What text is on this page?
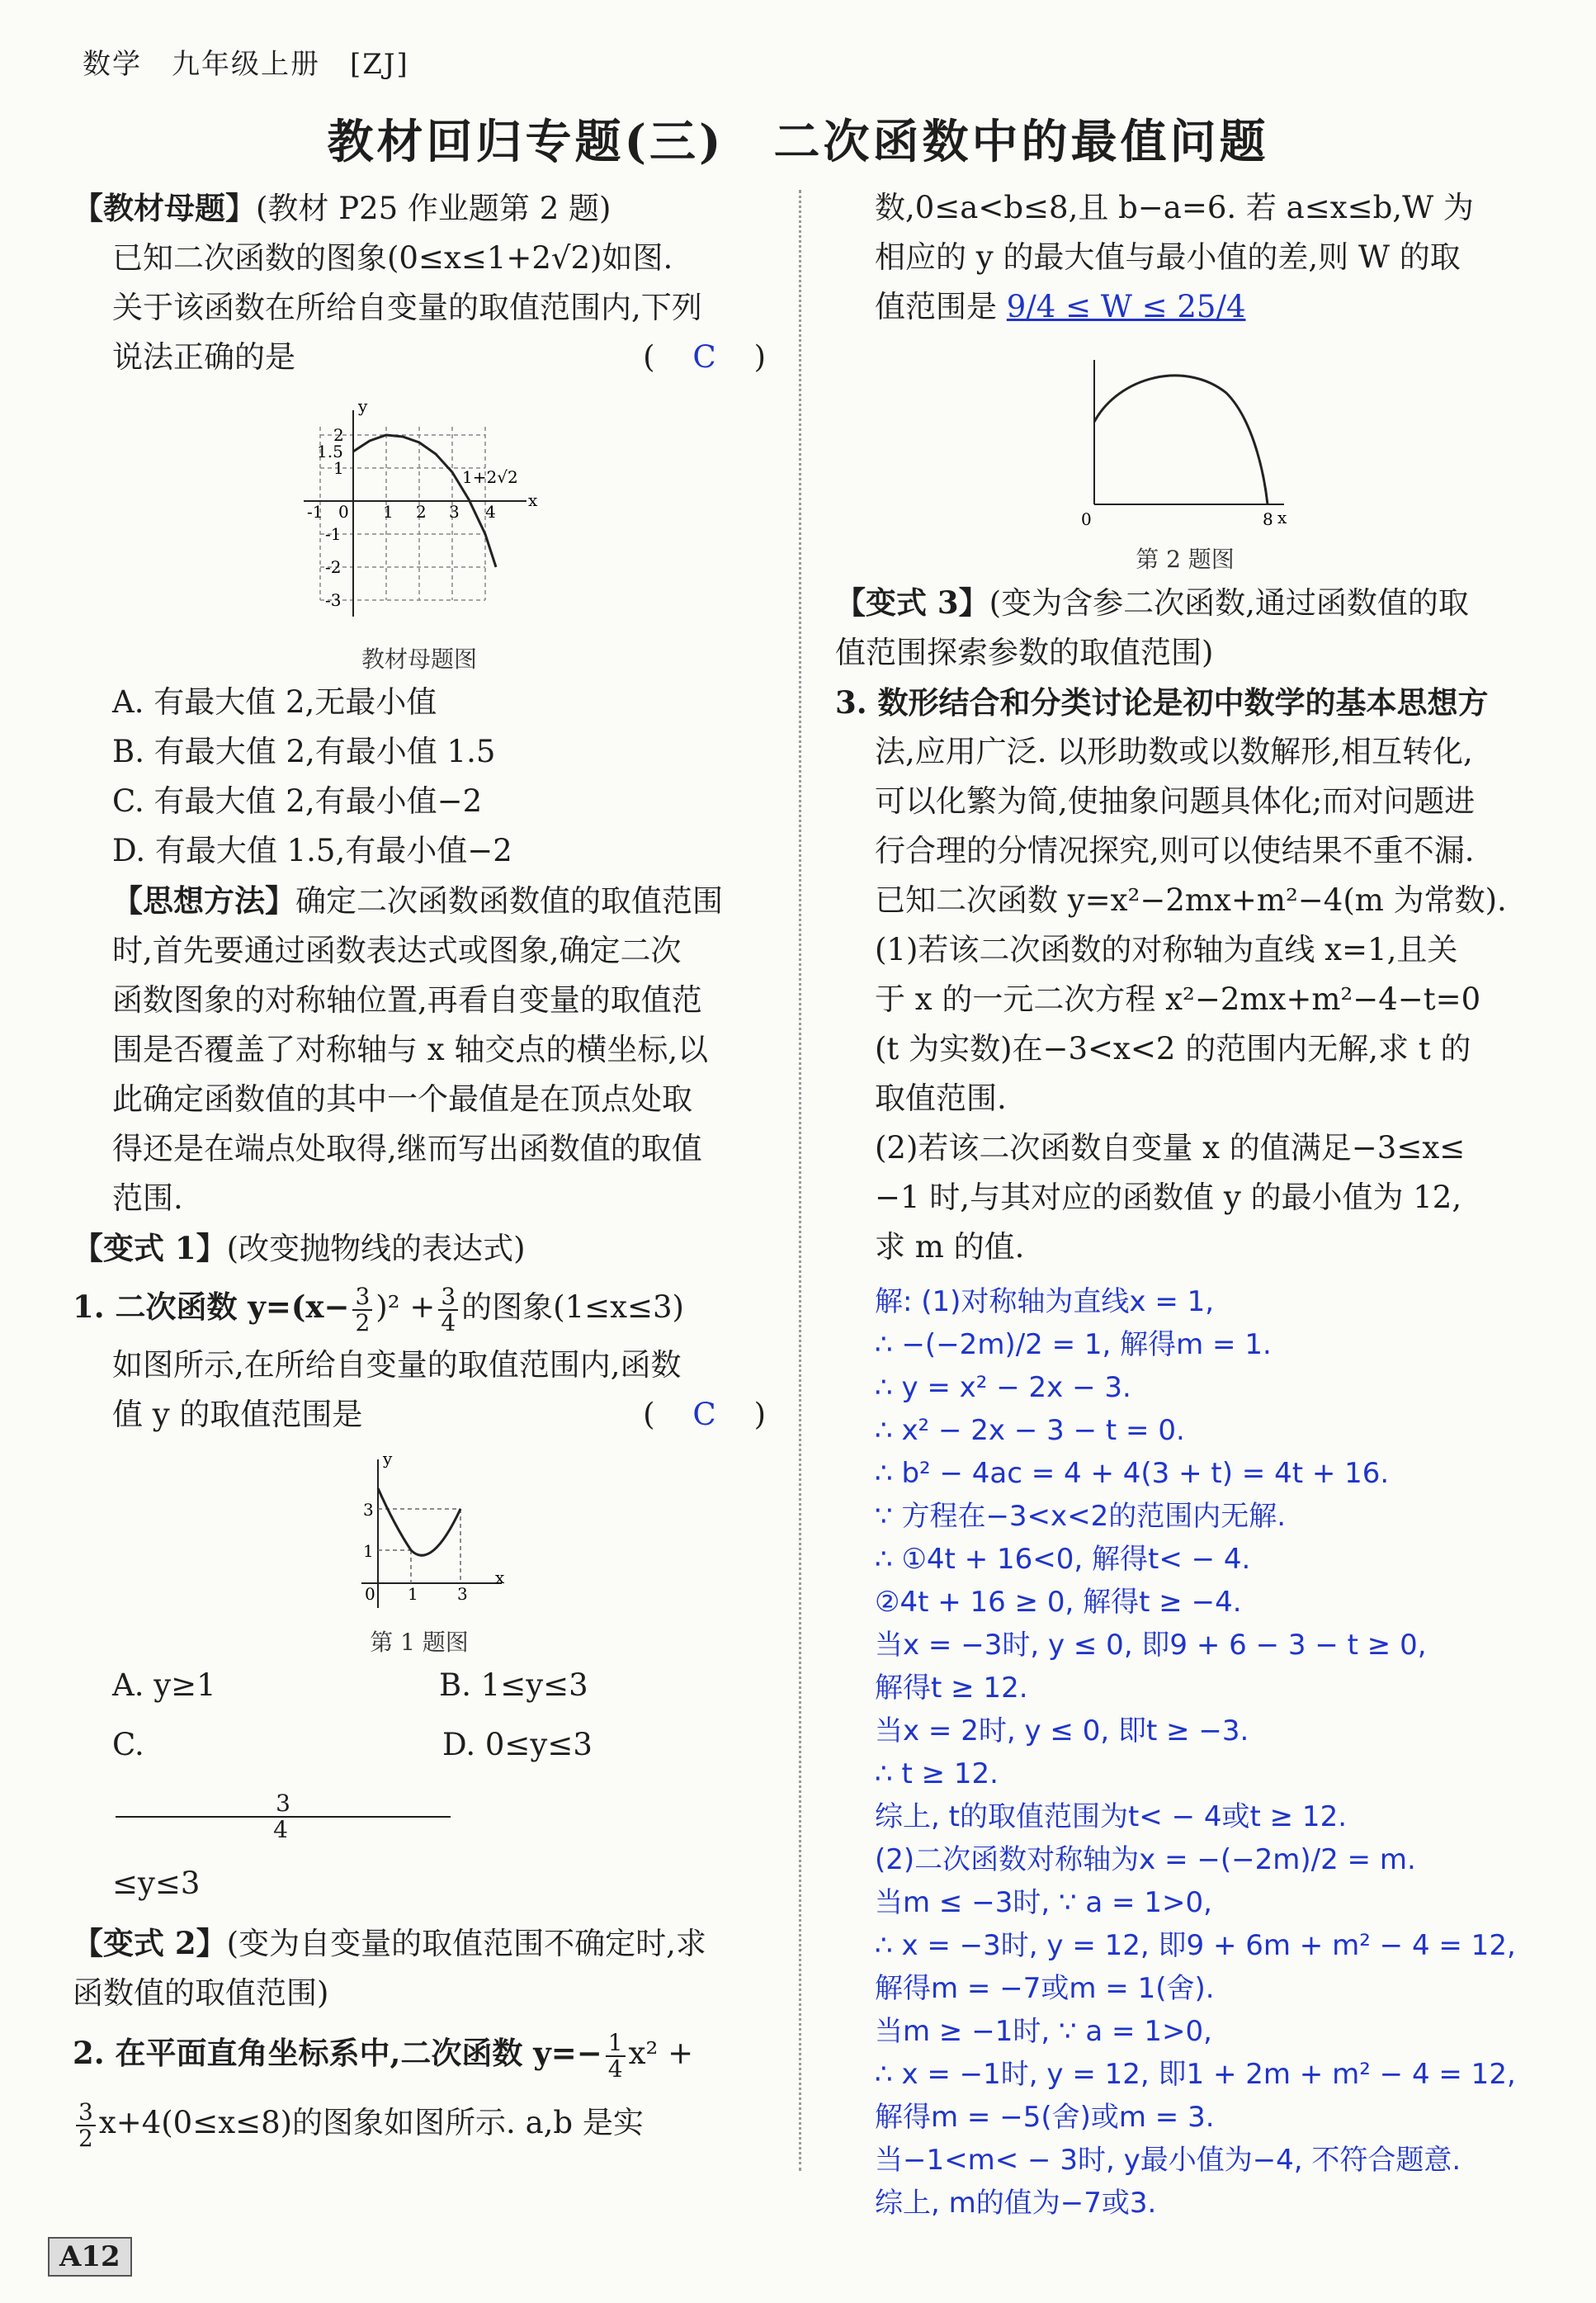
数学　九年级上册　[ZJ]
教材回归专题(三)　二次函数中的最值问题

【教材母题】(教材 P25 作业题第 2 题)

已知二次函数的图象(0≤x≤1+2√2)如图.

关于该函数在所给自变量的取值范围内,下列

说法正确的是	( C )

y
x
2
1.5
1
-1
-2
-3
-1 0 1 2 3 4
1+2√2
教材母题图

A. 有最大值 2,无最小值

B. 有最大值 2,有最小值 1.5

C. 有最大值 2,有最小值−2

D. 有最大值 1.5,有最小值−2

【思想方法】确定二次函数函数值的取值范围

时,首先要通过函数表达式或图象,确定二次

函数图象的对称轴位置,再看自变量的取值范

围是否覆盖了对称轴与 x 轴交点的横坐标,以

此确定函数值的其中一个最值是在顶点处取

得还是在端点处取得,继而写出函数值的取值

范围.

【变式 1】(改变抛物线的表达式)

1. 二次函数 $y=(x- \frac{3}{2} )^2 + \frac{3}{4}$ 的图象(1≤x≤3)

如图所示,在所给自变量的取值范围内,函数

值 y 的取值范围是	( C )

y
x
3
1
0 1 3
第 1 题图

A. y≥1	B. 1≤y≤3

C.
$\frac{3}{4}$
≤y≤3
D. 0≤y≤3

【变式 2】(变为自变量的取值范围不确定时,求

函数值的取值范围)

2. 在平面直角坐标系中,二次函数 $y=- \frac{1}{4} x^2$ +

$\frac{3}{2} x+4(0\le x\le 8)$的图象如图所示. a,b 是实

数,0≤a<b≤8,且 b−a=6. 若 a≤x≤b,W 为

相应的 y 的最大值与最小值的差,则 W 的取

值范围是 9/4 ≤ W ≤ 25/4

0	8 x
第 2 题图

【变式 3】(变为含参二次函数,通过函数值的取

值范围探索参数的取值范围)

3. 数形结合和分类讨论是初中数学的基本思想方

法,应用广泛. 以形助数或以数解形,相互转化,

可以化繁为简,使抽象问题具体化;而对问题进

行合理的分情况探究,则可以使结果不重不漏.

已知二次函数 y=x²−2mx+m²−4(m 为常数).

(1)若该二次函数的对称轴为直线 x=1,且关

于 x 的一元二次方程 x²−2mx+m²−4−t=0

(t 为实数)在−3<x<2 的范围内无解,求 t 的

取值范围.

(2)若该二次函数自变量 x 的值满足−3≤x≤

−1 时,与其对应的函数值 y 的最小值为 12,

求 m 的值.

解: (1)对称轴为直线x = 1,

∴ −(−2m)/2 = 1, 解得m = 1.

∴ y = x² − 2x − 3.

∴ x² − 2x − 3 − t = 0.

∴ b² − 4ac = 4 + 4(3 + t) = 4t + 16.

∵ 方程在−3<x<2的范围内无解.

∴ ①4t + 16<0, 解得t< − 4.

②4t + 16 ≥ 0, 解得t ≥ −4.

当x = −3时, y ≤ 0, 即9 + 6 − 3 − t ≥ 0,

解得t ≥ 12.

当x = 2时, y ≤ 0, 即t ≥ −3.

∴ t ≥ 12.

综上, t的取值范围为t< − 4或t ≥ 12.

(2)二次函数对称轴为x = −(−2m)/2 = m.

当m ≤ −3时, ∵ a = 1>0,

∴ x = −3时, y = 12, 即9 + 6m + m² − 4 = 12,

解得m = −7或m = 1(舍).

当m ≥ −1时, ∵ a = 1>0,

∴ x = −1时, y = 12, 即1 + 2m + m² − 4 = 12,

解得m = −5(舍)或m = 3.

当−1<m< − 3时, y最小值为−4, 不符合题意.

综上, m的值为−7或3.

A12
